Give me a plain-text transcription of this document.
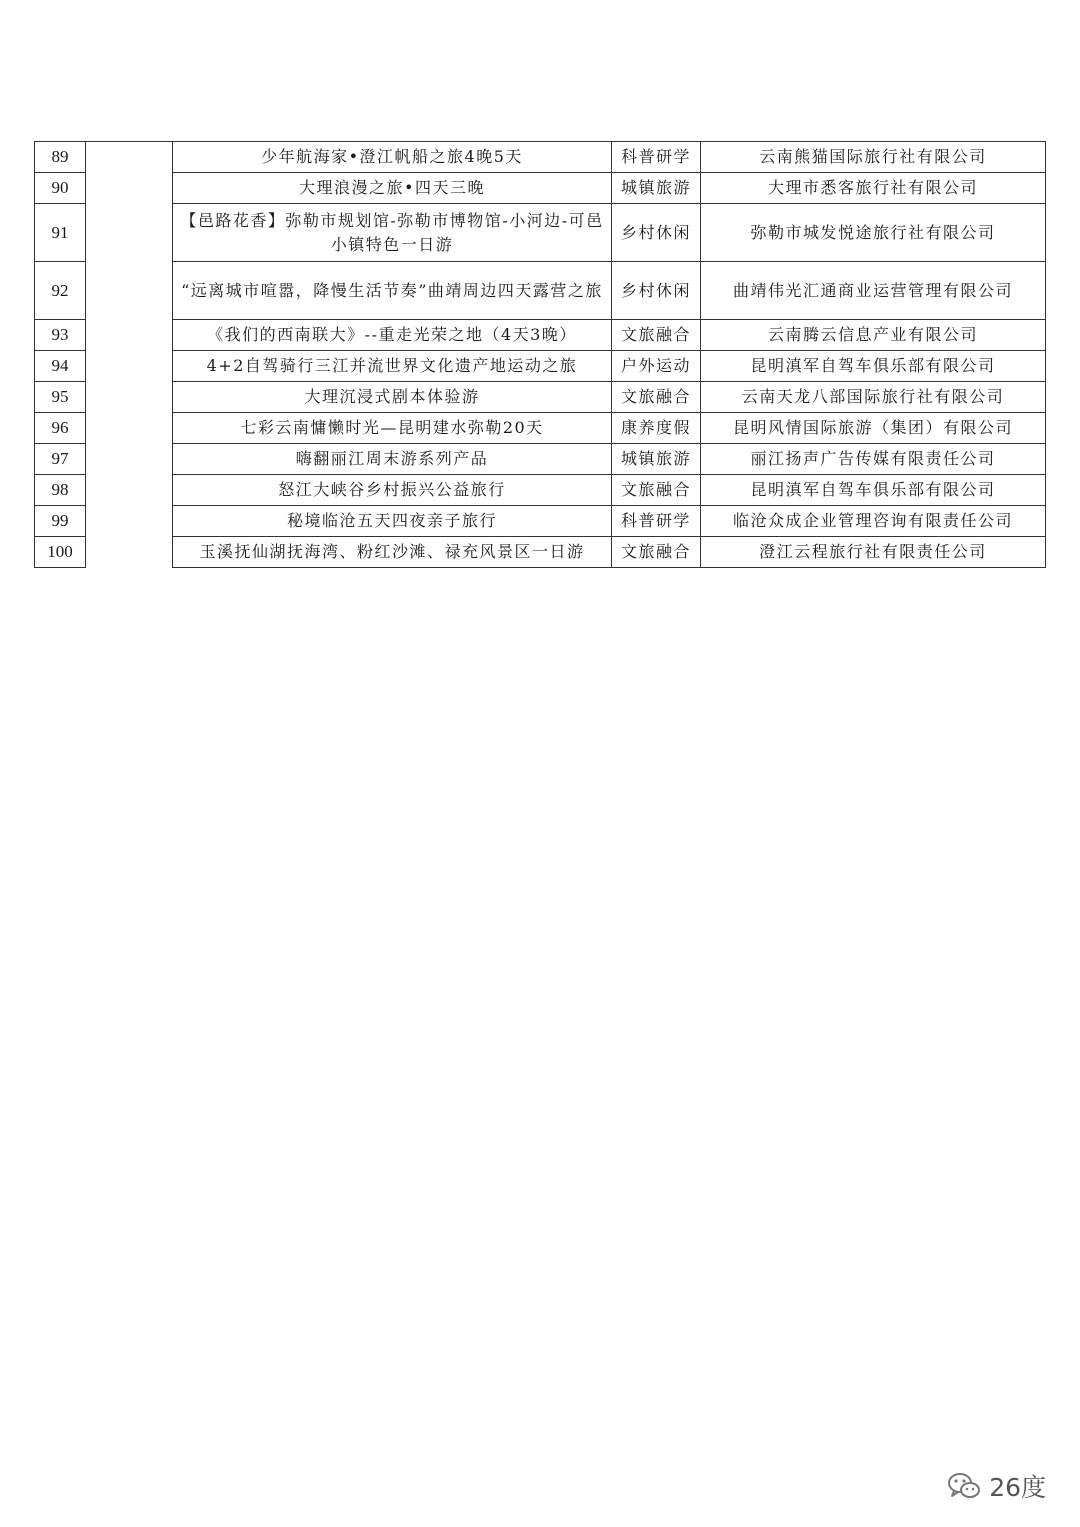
89		少年航海家•澄江帆船之旅4晚5天	科普研学	云南熊猫国际旅行社有限公司
90		大理浪漫之旅•四天三晚	城镇旅游	大理市悉客旅行社有限公司
91		【邑路花香】弥勒市规划馆-弥勒市博物馆-小河边-可邑小镇特色一日游	乡村休闲	弥勒市城发悦途旅行社有限公司
92		“远离城市喧嚣，降慢生活节奏”曲靖周边四天露营之旅	乡村休闲	曲靖伟光汇通商业运营管理有限公司
93		《我们的西南联大》--重走光荣之地（4天3晚）	文旅融合	云南腾云信息产业有限公司
94		4+2自驾骑行三江并流世界文化遗产地运动之旅	户外运动	昆明滇军自驾车俱乐部有限公司
95		大理沉浸式剧本体验游	文旅融合	云南天龙八部国际旅行社有限公司
96		七彩云南慵懒时光—昆明建水弥勒20天	康养度假	昆明风情国际旅游（集团）有限公司
97		嗨翻丽江周末游系列产品	城镇旅游	丽江扬声广告传媒有限责任公司
98		怒江大峡谷乡村振兴公益旅行	文旅融合	昆明滇军自驾车俱乐部有限公司
99		秘境临沧五天四夜亲子旅行	科普研学	临沧众成企业管理咨询有限责任公司
100		玉溪抚仙湖抚海湾、粉红沙滩、禄充风景区一日游	文旅融合	澄江云程旅行社有限责任公司
26度
